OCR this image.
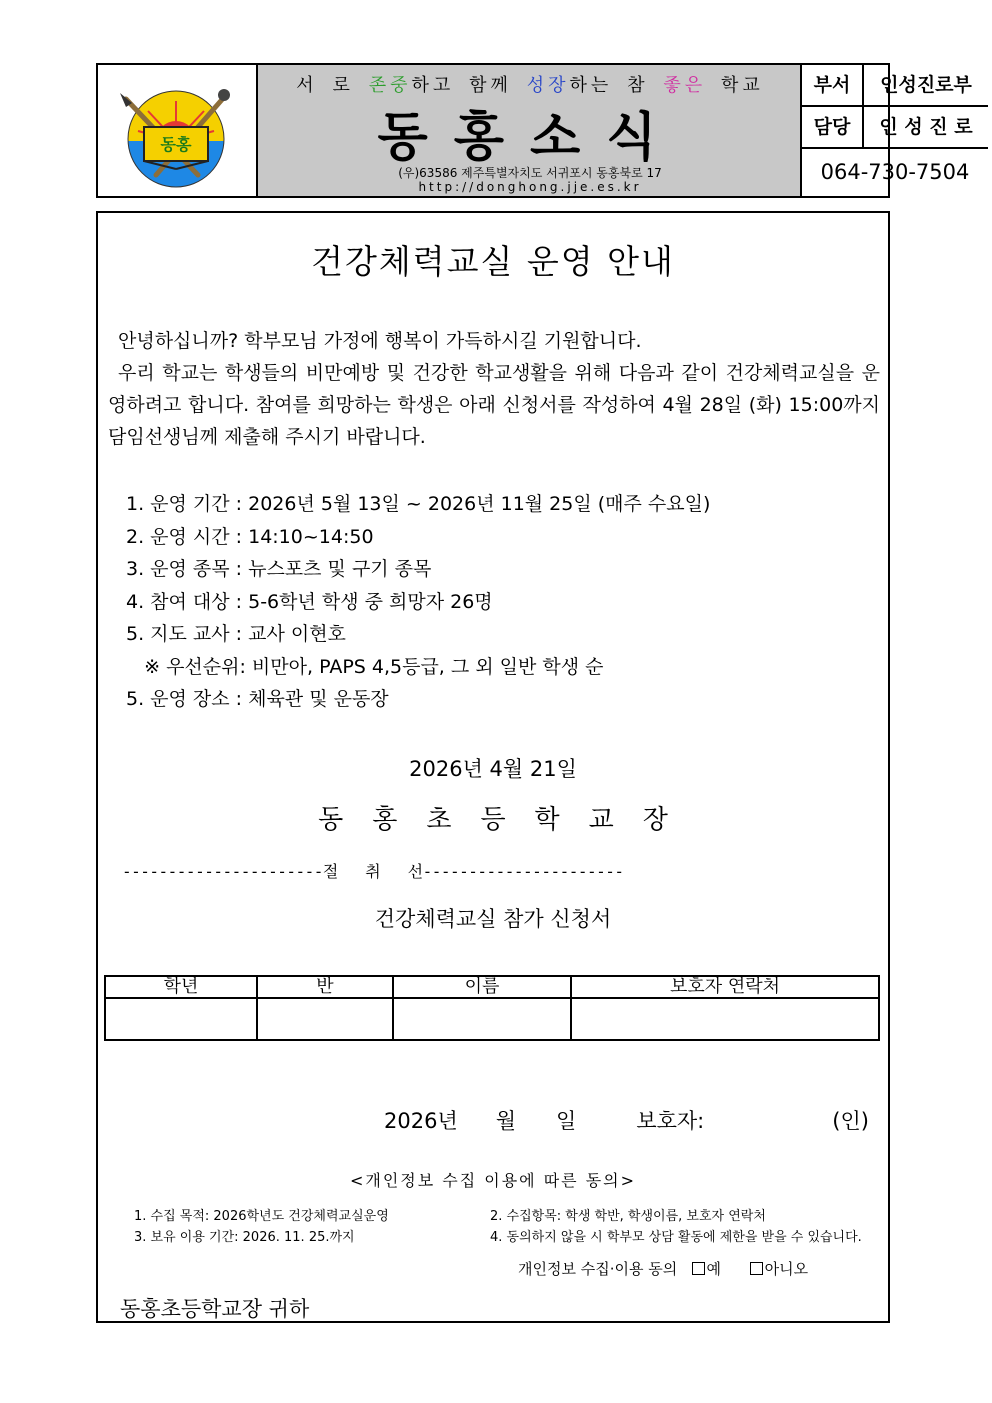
동홍
서 로 존중하고 함께 성장하는 참 좋은 학교
동홍소식
(우)63586 제주특별자치도 서귀포시 동홍북로 17
http://donghong.jje.es.kr
부서	인성진로부
담당	인 성 진 로
064-730-7504
건강체력교실 운영 안내
안녕하십니까? 학부모님 가정에 행복이 가득하시길 기원합니다.
우리 학교는 학생들의 비만예방 및 건강한 학교생활을 위해 다음과 같이 건강체력교실을 운영하려고 합니다. 참여를 희망하는 학생은 아래 신청서를 작성하여 4월 28일 (화) 15:00까지 담임선생님께 제출해 주시기 바랍니다.
1. 운영 기간 : 2026년 5월 13일 ~ 2026년 11월 25일 (매주 수요일)
2. 운영 시간 : 14:10~14:50
3. 운영 종목 : 뉴스포츠 및 구기 종목
4. 참여 대상 : 5-6학년 학생 중 희망자 26명
5. 지도 교사 : 교사 이현호
※ 우선순위: 비만아, PAPS 4,5등급, 그 외 일반 학생 순
5. 운영 장소 : 체육관 및 운동장
2026년 4월 21일
동홍초등학교장
----------------------절   취   선----------------------
건강체력교실 참가 신청서
학년	반	이름	보호자 연락처

2026년 월 일	보호자:	(인)
<개인정보 수집 이용에 따른 동의>
1. 수집 목적: 2026학년도 건강체력교실운영	2. 수집항목: 학생 학반, 학생이름, 보호자 연락처
3. 보유 이용 기간: 2026. 11. 25.까지	4. 동의하지 않을 시 학부모 상담 활동에 제한을 받을 수 있습니다.
개인정보 수집·이용 동의 예	아니오
동홍초등학교장 귀하
